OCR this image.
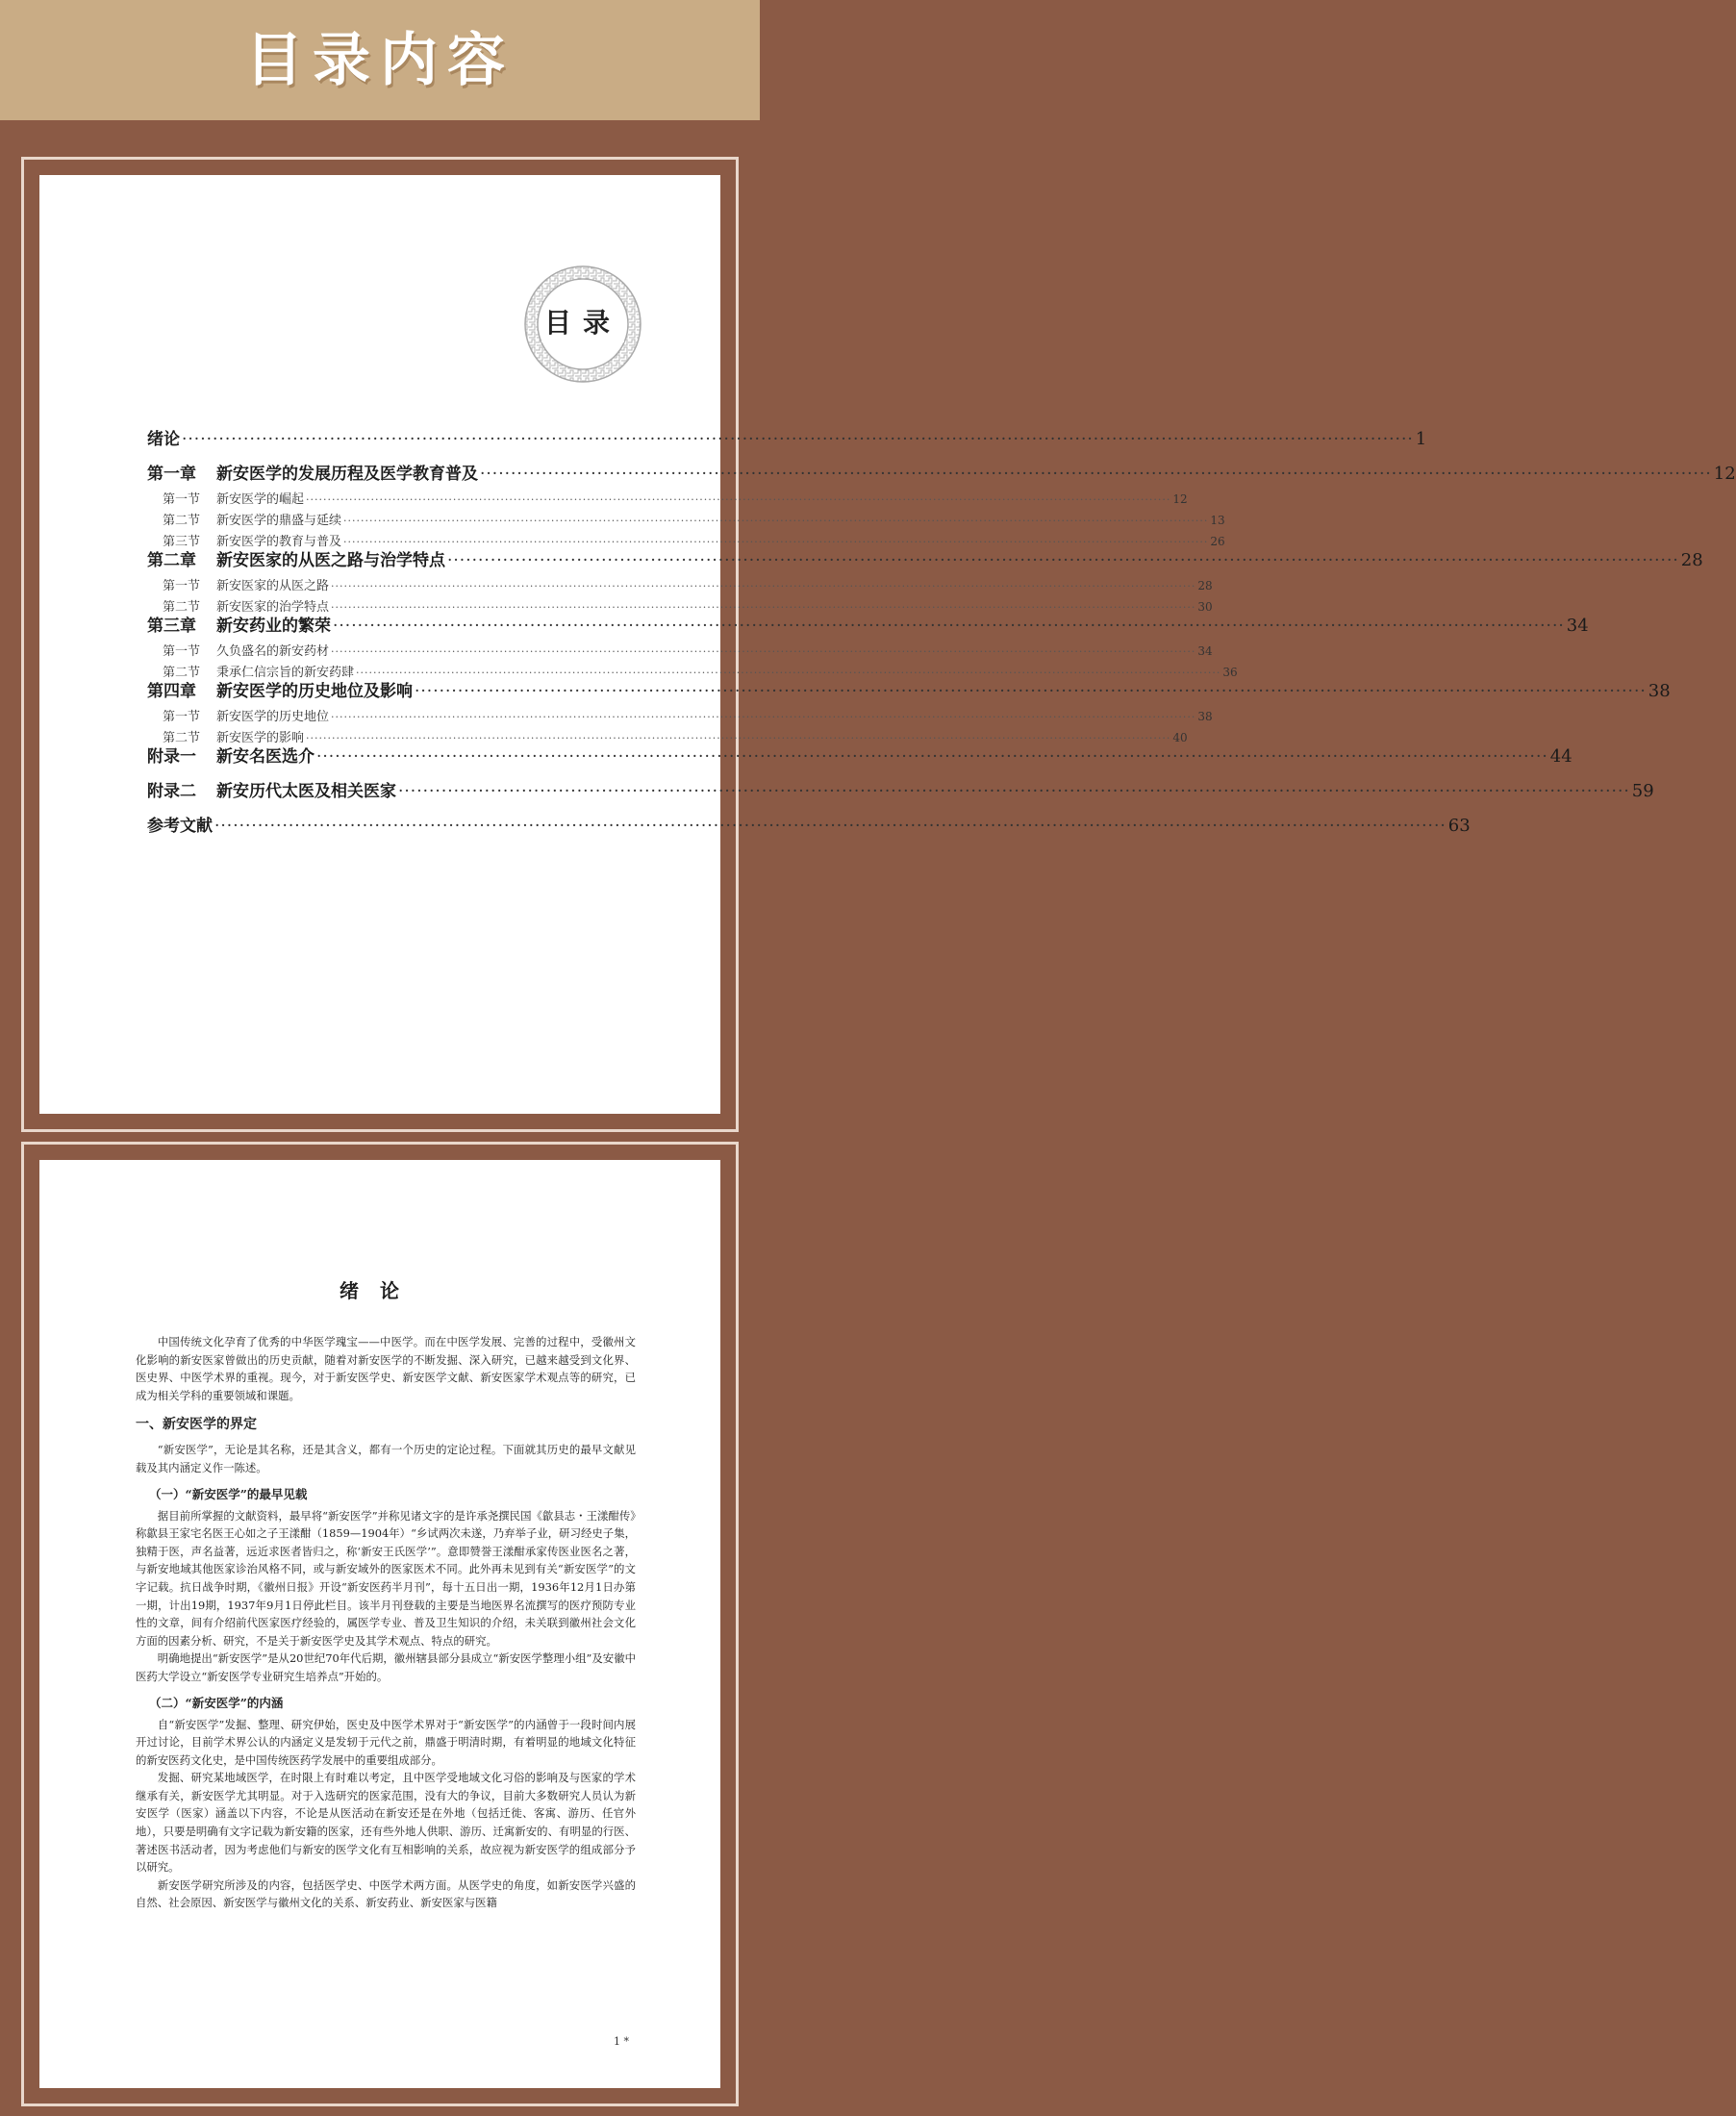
目录内容
目录
绪论 ········································································································································································································ 1
第一章 新安医学的发展历程及医学教育普及 ········································································································································································································ 12
第一节 新安医学的崛起 ········································································································································································································ 12
第二节 新安医学的鼎盛与延续 ········································································································································································································ 13
第三节 新安医学的教育与普及 ········································································································································································································ 26
第二章 新安医家的从医之路与治学特点 ········································································································································································································ 28
第一节 新安医家的从医之路 ········································································································································································································ 28
第二节 新安医家的治学特点 ········································································································································································································ 30
第三章 新安药业的繁荣 ········································································································································································································ 34
第一节 久负盛名的新安药材 ········································································································································································································ 34
第二节 秉承仁信宗旨的新安药肆 ········································································································································································································ 36
第四章 新安医学的历史地位及影响 ········································································································································································································ 38
第一节 新安医学的历史地位 ········································································································································································································ 38
第二节 新安医学的影响 ········································································································································································································ 40
附录一 新安名医选介 ········································································································································································································ 44
附录二 新安历代太医及相关医家 ········································································································································································································ 59
参考文献 ········································································································································································································ 63
绪论

中国传统文化孕育了优秀的中华医学瑰宝——中医学。而在中医学发展、完善的过程中，受徽州文化影响的新安医家曾做出的历史贡献，随着对新安医学的不断发掘、深入研究，已越来越受到文化界、医史界、中医学术界的重视。现今，对于新安医学史、新安医学文献、新安医家学术观点等的研究，已成为相关学科的重要领域和课题。

一、新安医学的界定

“新安医学”，无论是其名称，还是其含义，都有一个历史的定论过程。下面就其历史的最早文献见载及其内涵定义作一陈述。

（一）“新安医学”的最早见载

据目前所掌握的文献资料，最早将“新安医学”并称见诸文字的是许承尧撰民国《歙县志・王漾酣传》称歙县王家宅名医王心如之子王漾酣（1859—1904年）“乡试两次未遂，乃弃举子业，研习经史子集，独精于医，声名益著，远近求医者皆归之，称‘新安王氏医学’”。意即赞誉王漾酣承家传医业医名之著，与新安地域其他医家诊治风格不同，或与新安域外的医家医术不同。此外再未见到有关“新安医学”的文字记载。抗日战争时期，《徽州日报》开设“新安医药半月刊”，每十五日出一期，1936年12月1日办第一期，计出19期，1937年9月1日停此栏目。该半月刊登载的主要是当地医界名流撰写的医疗预防专业性的文章，间有介绍前代医家医疗经验的，属医学专业、普及卫生知识的介绍，未关联到徽州社会文化方面的因素分析、研究，不是关于新安医学史及其学术观点、特点的研究。

明确地提出“新安医学”是从20世纪70年代后期，徽州辖县部分县成立“新安医学整理小组”及安徽中医药大学设立“新安医学专业研究生培养点”开始的。

（二）“新安医学”的内涵

自“新安医学”发掘、整理、研究伊始，医史及中医学术界对于“新安医学”的内涵曾于一段时间内展开过讨论，目前学术界公认的内涵定义是发轫于元代之前，鼎盛于明清时期，有着明显的地域文化特征的新安医药文化史，是中国传统医药学发展中的重要组成部分。

发掘、研究某地域医学，在时限上有时难以考定，且中医学受地域文化习俗的影响及与医家的学术继承有关，新安医学尤其明显。对于入选研究的医家范围，没有大的争议，目前大多数研究人员认为新安医学（医家）涵盖以下内容，不论是从医活动在新安还是在外地（包括迁徙、客寓、游历、任官外地），只要是明确有文字记载为新安籍的医家，还有些外地人供职、游历、迁寓新安的、有明显的行医、著述医书活动者，因为考虑他们与新安的医学文化有互相影响的关系，故应视为新安医学的组成部分予以研究。

新安医学研究所涉及的内容，包括医学史、中医学术两方面。从医学史的角度，如新安医学兴盛的自然、社会原因、新安医学与徽州文化的关系、新安药业、新安医家与医籍

1 *
